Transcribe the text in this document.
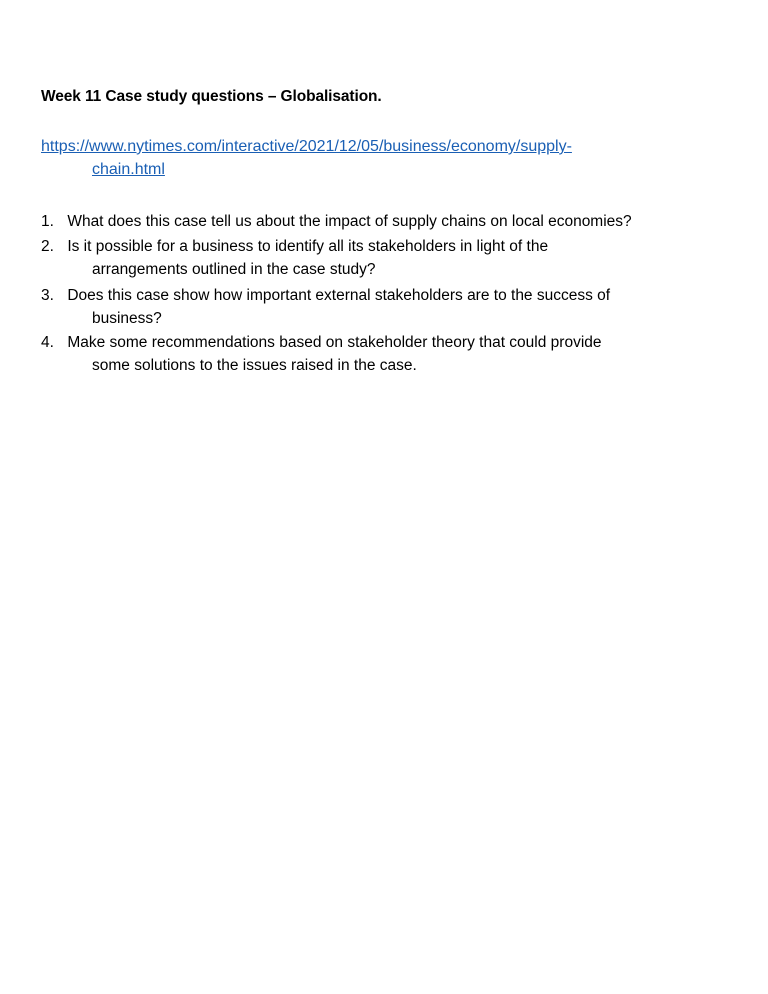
Week 11 Case study questions – Globalisation.
https://www.nytimes.com/interactive/2021/12/05/business/economy/supply-
chain.html
1. What does this case tell us about the impact of supply chains on local economies?
2. Is it possible for a business to identify all its stakeholders in light of the
arrangements outlined in the case study?
3. Does this case show how important external stakeholders are to the success of
business?
4. Make some recommendations based on stakeholder theory that could provide
some solutions to the issues raised in the case.
